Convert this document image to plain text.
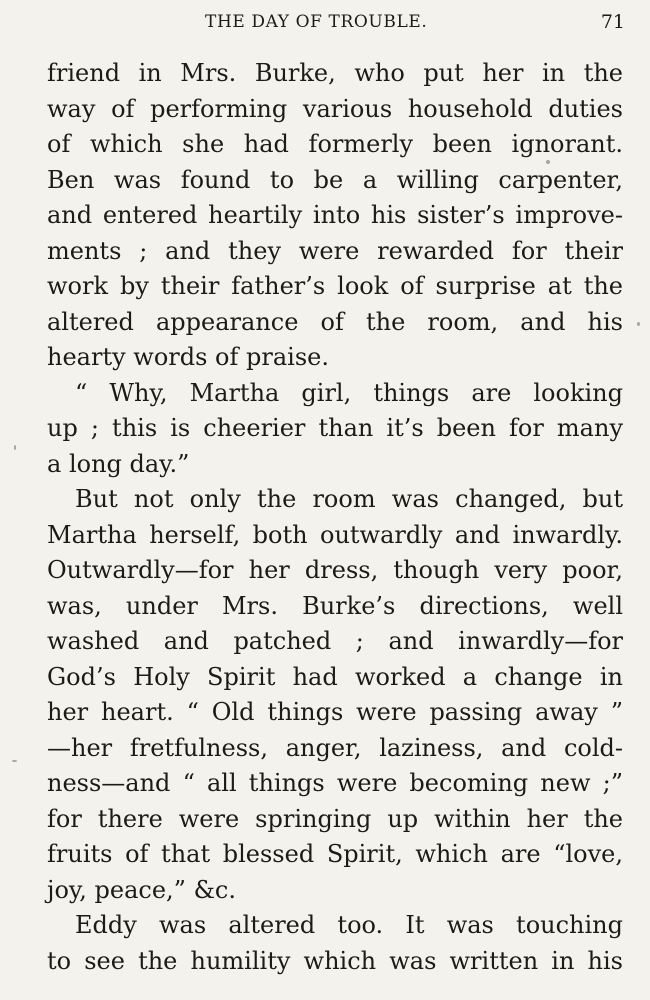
THE DAY OF TROUBLE.	71
friend in Mrs. Burke, who put her in the
way of performing various household duties
of which she had formerly been ignorant.
Ben was found to be a willing carpenter,
and entered heartily into his sister’s improve-
ments ; and they were rewarded for their
work by their father’s look of surprise at the
altered appearance of the room, and his
hearty words of praise.
“ Why, Martha girl, things are looking
up ; this is cheerier than it’s been for many
a long day.”
But not only the room was changed, but
Martha herself, both outwardly and inwardly.
Outwardly—for her dress, though very poor,
was, under Mrs. Burke’s directions, well
washed and patched ; and inwardly—for
God’s Holy Spirit had worked a change in
her heart. “ Old things were passing away ”
—her fretfulness, anger, laziness, and cold-
ness—and “ all things were becoming new ;”
for there were springing up within her the
fruits of that blessed Spirit, which are “love,
joy, peace,” &c.
Eddy was altered too. It was touching
to see the humility which was written in his
